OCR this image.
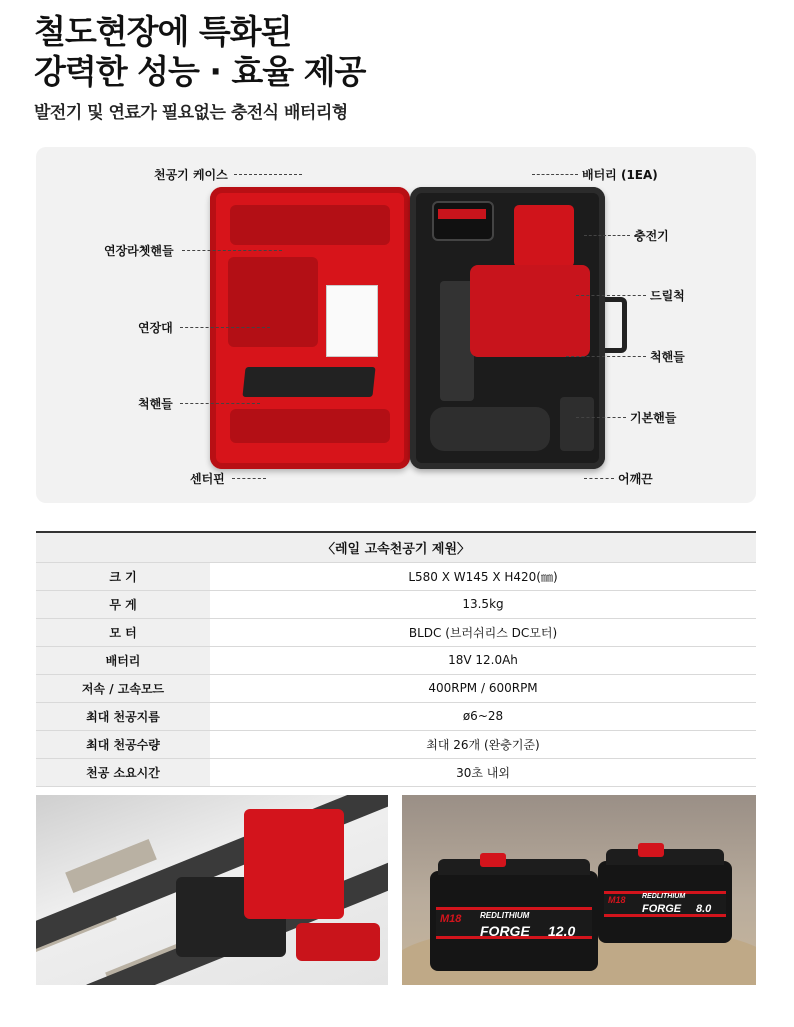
철도현장에 특화된
강력한 성능 · 효율 제공
발전기 및 연료가 필요없는 충전식 배터리형
천공기 케이스
연장라쳇핸들
연장대
척핸들
센터핀
배터리 (1EA)
충전기
드릴척
척핸들
기본핸들
어깨끈
〈레일 고속천공기 제원〉	
크 기	L580 X W145 X H420(㎜)
무 게	13.5kg
모 터	BLDC (브러쉬리스 DC모터)
배터리	18V 12.0Ah
저속 / 고속모드	400RPM / 600RPM
최대 천공지름	ø6~28
최대 천공수량	최대 26개 (완충기준)
천공 소요시간	30초 내외
M18 REDLITHIUM
FORGE 8.0
M18 REDLITHIUM
FORGE 12.0
